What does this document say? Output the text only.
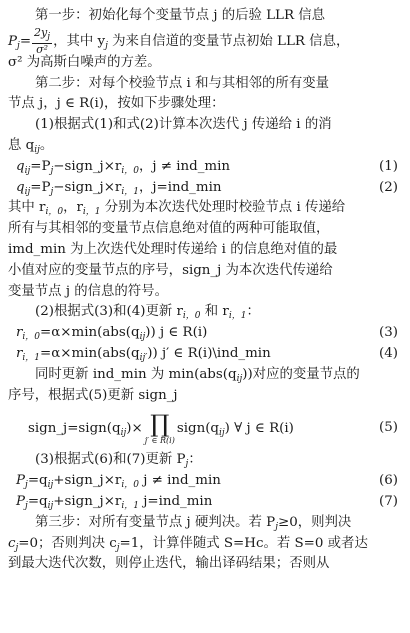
第一步：初始化每个变量节点 j 的后验 LLR 信息
$P_j= \frac{2y_j}{\text{σ²}}$ ，其中 $y_j$ 为来自信道的变量节点初始 LLR 信息，
σ² 为高斯白噪声的方差。
第二步：对每个校验节点 i 和与其相邻的所有变量
节点 j，j ∈ R(i)，按如下步骤处理：
(1)根据式(1)和式(2)计算本次迭代 j 传递给 i 的消
息 $q_{ij}$。
$q_{ij}=P_j-sign\_j\times r_{i,0}$，j ≠ ind_min	(1)
$q_{ij}=P_j-sign\_j\times r_{i,1}$，j=ind_min	(2)
其中 $r_{i,0}$，$r_{i,1}$ 分别为本次迭代处理时校验节点 i 传递给
所有与其相邻的变量节点信息绝对值的两种可能取值，
imd_min 为上次迭代处理时传递给 i 的信息绝对值的最
小值对应的变量节点的序号，sign_j 为本次迭代传递给
变量节点 j 的信息的符号。
(2)根据式(3)和(4)更新 $r_{i,0}$ 和 $r_{i,1}$：
$r_{i,0}=\alpha\times\min(abs(q_{ij}))$ j ∈ R(i)	(3)
$r_{i,1}=\alpha\times\min(abs(q_{ij'}))$ j′ ∈ R(i)\ind_min	(4)
同时更新 ind_min 为 $\min(abs(q_{ij}))$对应的变量节点的
序号，根据式(5)更新 sign_j
$sign\_j=sign(q_{ij})\times$ ∏
j′ ∈ R(i)
$sign(q_{ij})$ ∀ j ∈ R(i)	(5)
(3)根据式(6)和(7)更新 $P_j$：
$P_j=q_{ij}+sign\_j\times r_{i,0}$ j ≠ ind_min	(6)
$P_j=q_{ij}+sign\_j\times r_{i,1}$ j=ind_min	(7)
第三步：对所有变量节点 j 硬判决。若 $P_j\ge 0$，则判决
$c_j=0$；否则判决 $c_j=1$，计算伴随式 S=Hc。若 S=0 或者达
到最大迭代次数，则停止迭代，输出译码结果；否则从
